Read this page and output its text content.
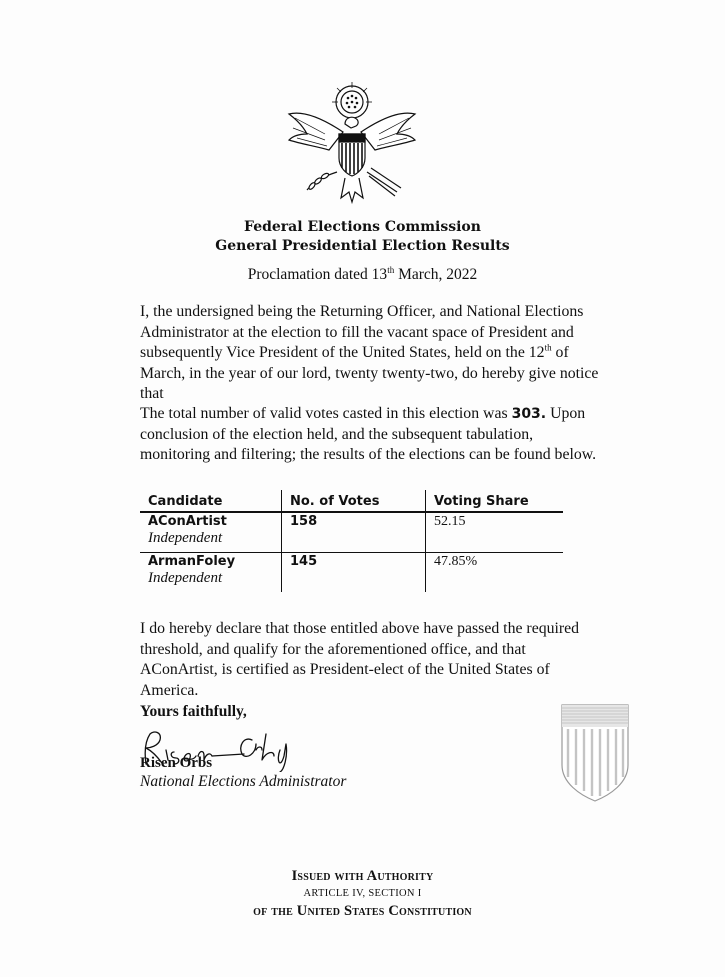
Federal Elections Commission
General Presidential Election Results
Proclamation dated 13th March, 2022
I, the undersigned being the Returning Officer, and National Elections Administrator at the election to fill the vacant space of President and subsequently Vice President of the United States, held on the 12th of March, in the year of our lord, twenty twenty-two, do hereby give notice that
The total number of valid votes casted in this election was 303. Upon conclusion of the election held, and the subsequent tabulation, monitoring and filtering; the results of the elections can be found below.
Candidate	No. of Votes	Voting Share

AConArtist
Independent	158	52.15

ArmanFoley
Independent	145	47.85%
I do hereby declare that those entitled above have passed the required threshold, and qualify for the aforementioned office, and that AConArtist, is certified as President-elect of the United States of America.
Yours faithfully,
Risen Orbs
National Elections Administrator
Issued with Authority
ARTICLE IV, SECTION I
of the United States Constitution
